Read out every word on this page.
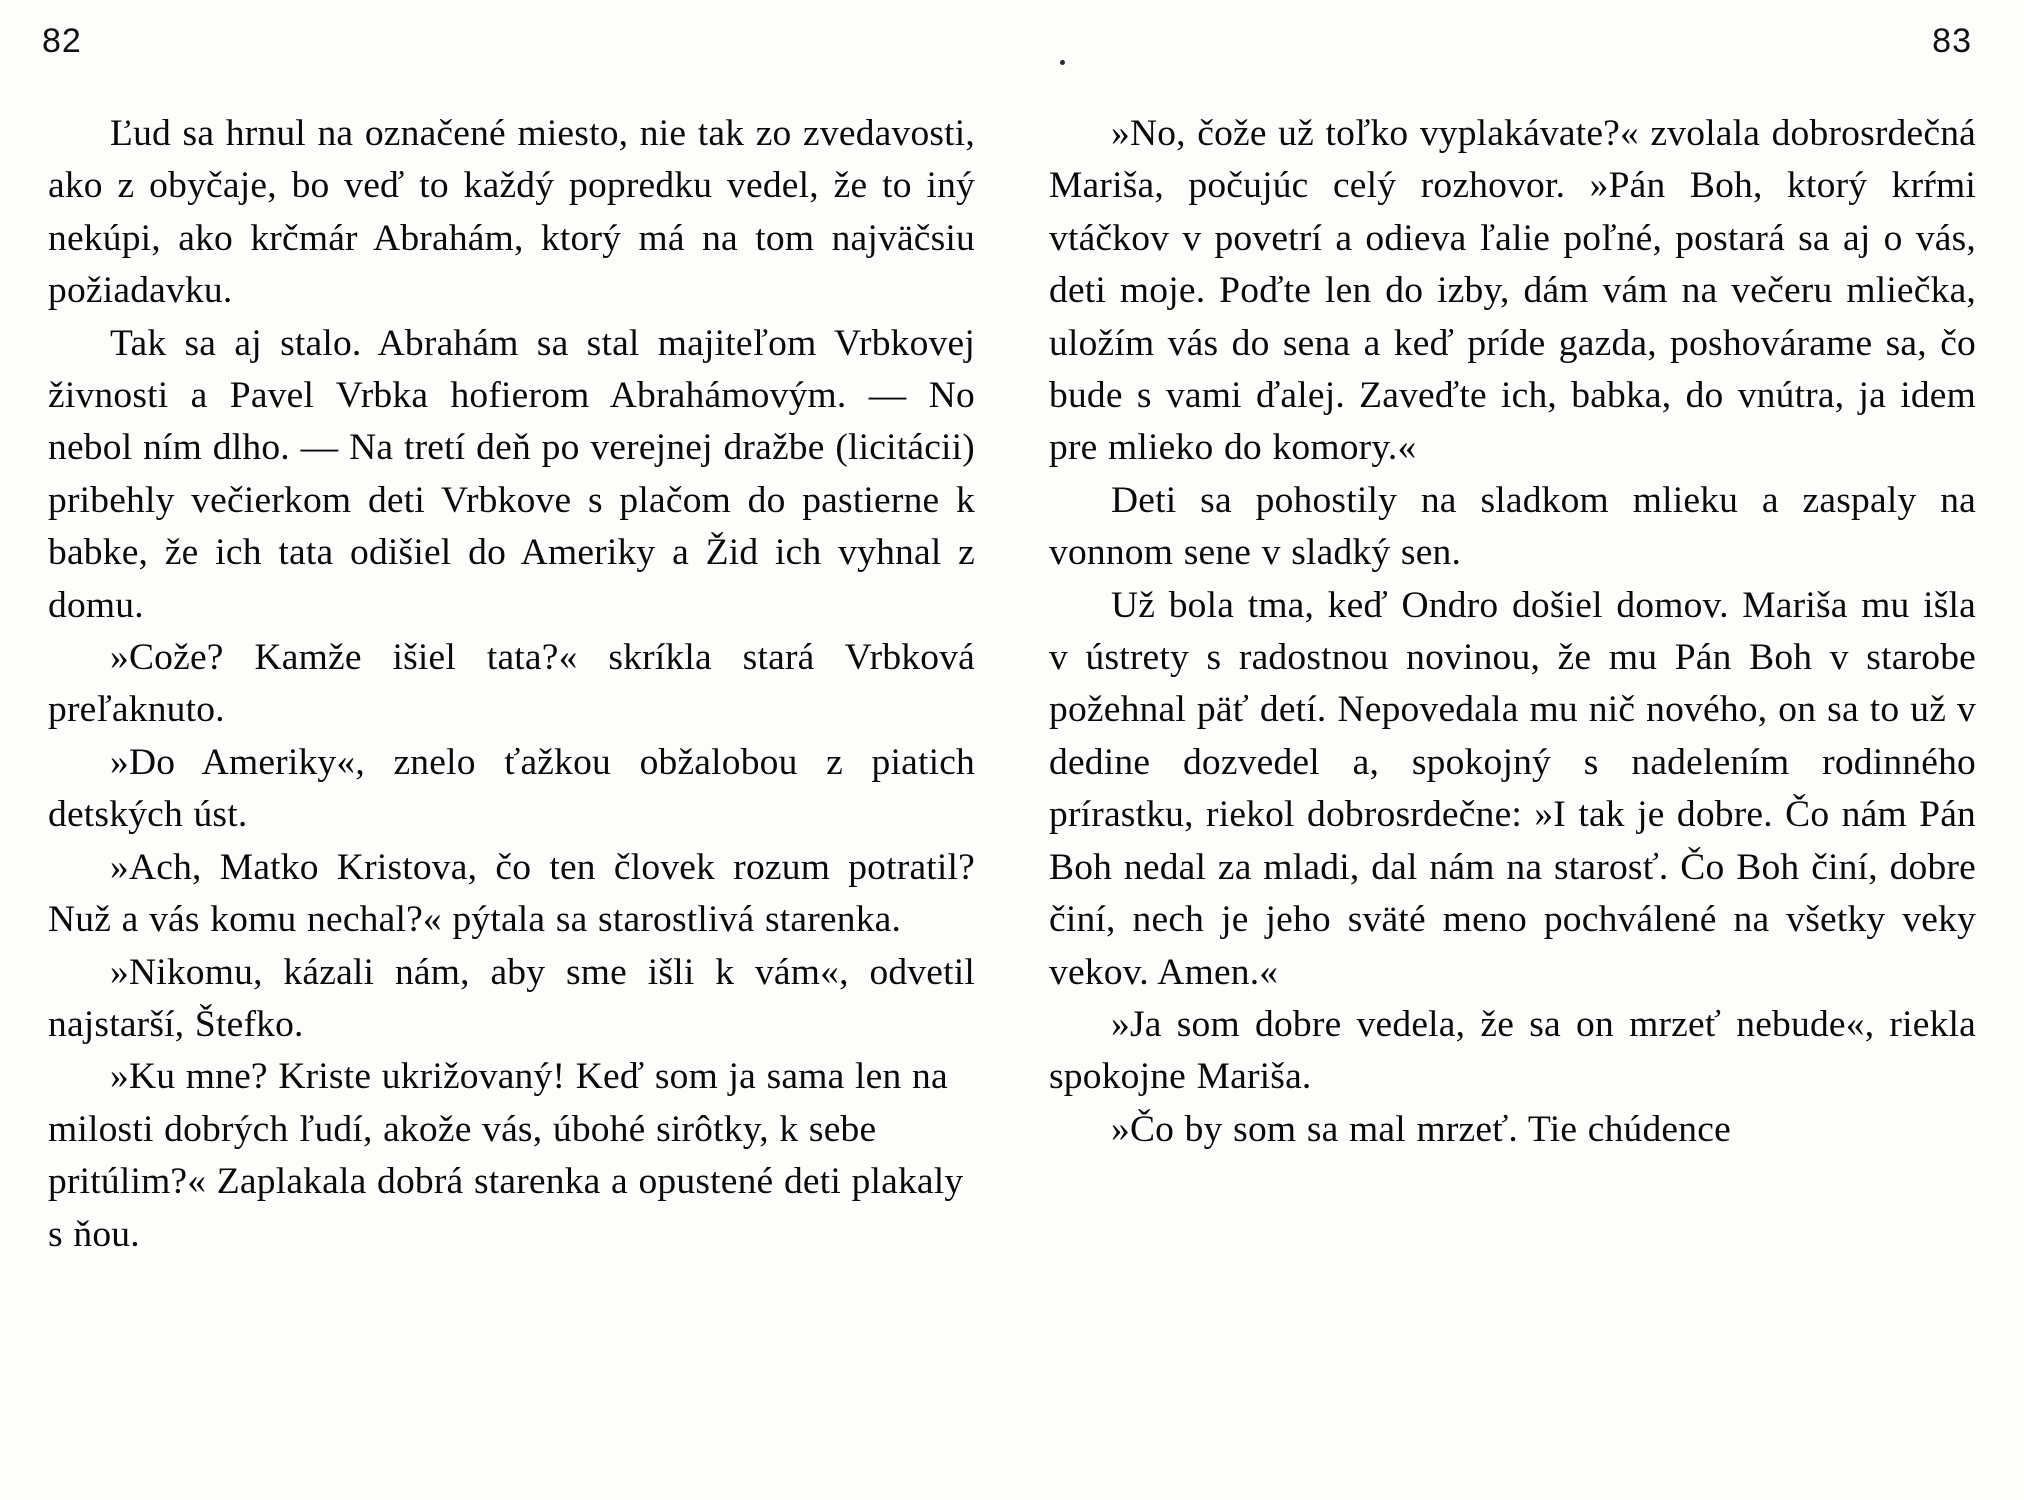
82	83

Ľud sa hrnul na označené miesto, nie tak zo zvedavosti, ako z obyčaje, bo veď to každý popredku vedel, že to iný nekúpi, ako krčmár Abrahám, ktorý má na tom najväčsiu požiadavku.

Tak sa aj stalo. Abrahám sa stal majiteľom Vrbkovej živnosti a Pavel Vrbka hofierom Abrahámovým. — No nebol ním dlho. — Na tretí deň po verejnej dražbe (licitácii) pribehly večierkom deti Vrbkove s plačom do pastierne k babke, že ich tata odišiel do Ameriky a Žid ich vyhnal z domu.

»Cože? Kamže išiel tata?« skríkla stará Vrbková preľaknuto.

»Do Ameriky«, znelo ťažkou obžalobou z piatich detských úst.

»Ach, Matko Kristova, čo ten človek rozum potratil? Nuž a vás komu nechal?« pýtala sa starostlivá starenka.

»Nikomu, kázali nám, aby sme išli k vám«, odvetil najstarší, Štefko.

»Ku mne? Kriste ukrižovaný! Keď som ja sama len na milosti dobrých ľudí, akože vás, úbohé sirôtky, k sebe pritúlim?« Zaplakala dobrá starenka a opustené deti plakaly s ňou.

»No, čože už toľko vyplakávate?« zvolala dobrosrdečná Mariša, počujúc celý rozhovor. »Pán Boh, ktorý krŕmi vtáčkov v povetrí a odieva ľalie poľné, postará sa aj o vás, deti moje. Poďte len do izby, dám vám na večeru mliečka, uložím vás do sena a keď príde gazda, poshovárame sa, čo bude s vami ďalej. Zaveďte ich, babka, do vnútra, ja idem pre mlieko do komory.«

Deti sa pohostily na sladkom mlieku a zaspaly na vonnom sene v sladký sen.

Už bola tma, keď Ondro došiel domov. Mariša mu išla v ústrety s radostnou novinou, že mu Pán Boh v starobe požehnal päť detí. Nepovedala mu nič nového, on sa to už v dedine dozvedel a, spokojný s nadelením rodinného prírastku, riekol dobrosrdečne: »I tak je dobre. Čo nám Pán Boh nedal za mladi, dal nám na starosť. Čo Boh činí, dobre činí, nech je jeho sväté meno pochválené na všetky veky vekov. Amen.«

»Ja som dobre vedela, že sa on mrzeť nebude«, riekla spokojne Mariša.

»Čo by som sa mal mrzeť. Tie chúdence
